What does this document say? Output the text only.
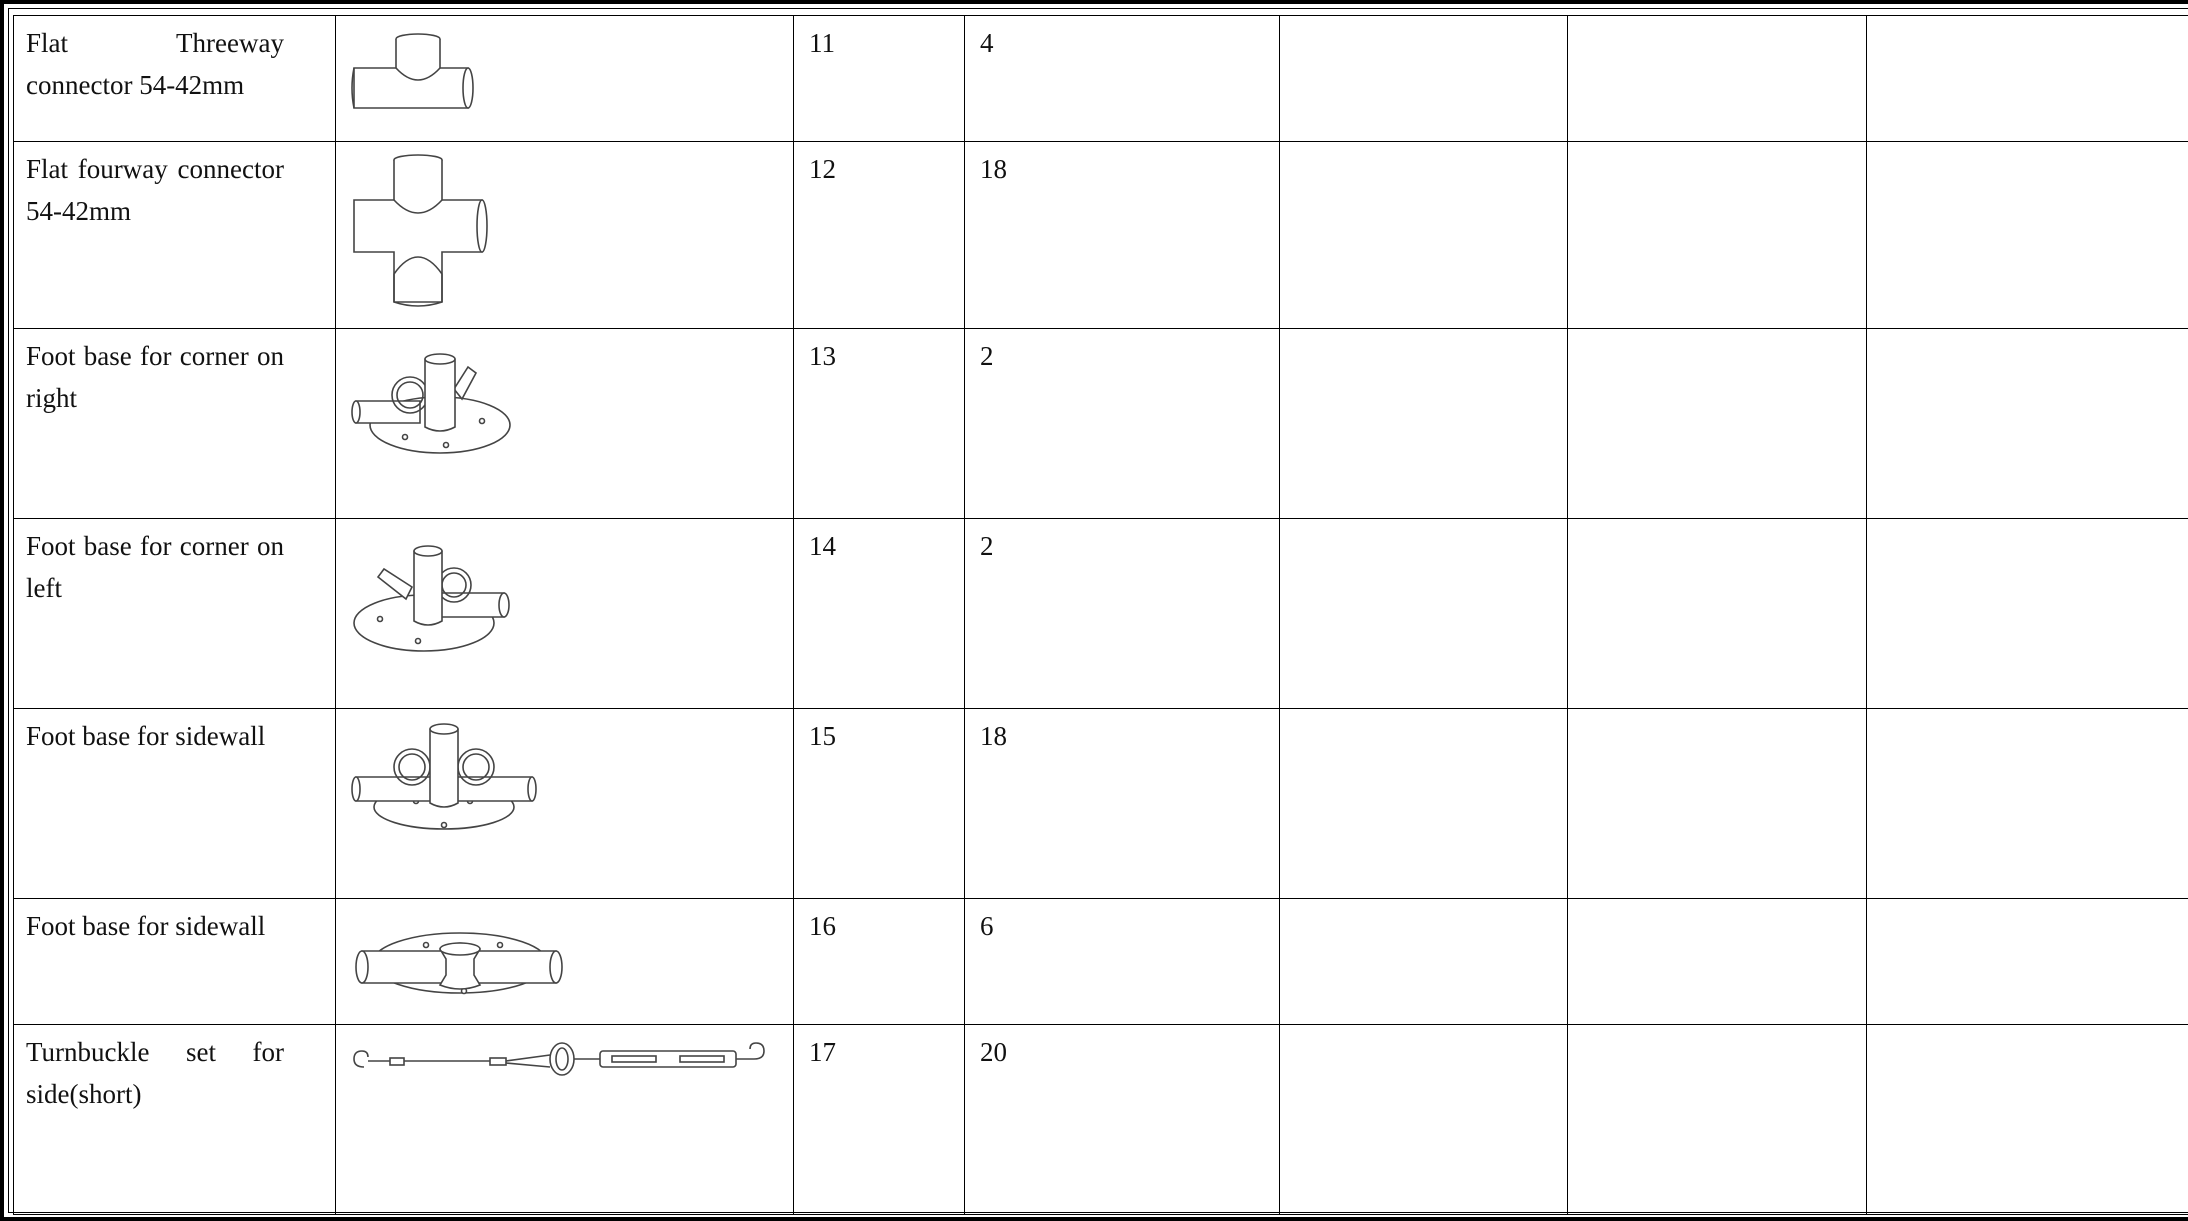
Flat Threeway connector 54-42mm		11	4			

Flat fourway connector 54-42mm		12	18			

Foot base for corner on right		13	2			

Foot base for corner on left		14	2			

Foot base for sidewall		15	18			

Foot base for sidewall		16	6			

Turnbuckle set for side(short)		17	20			
